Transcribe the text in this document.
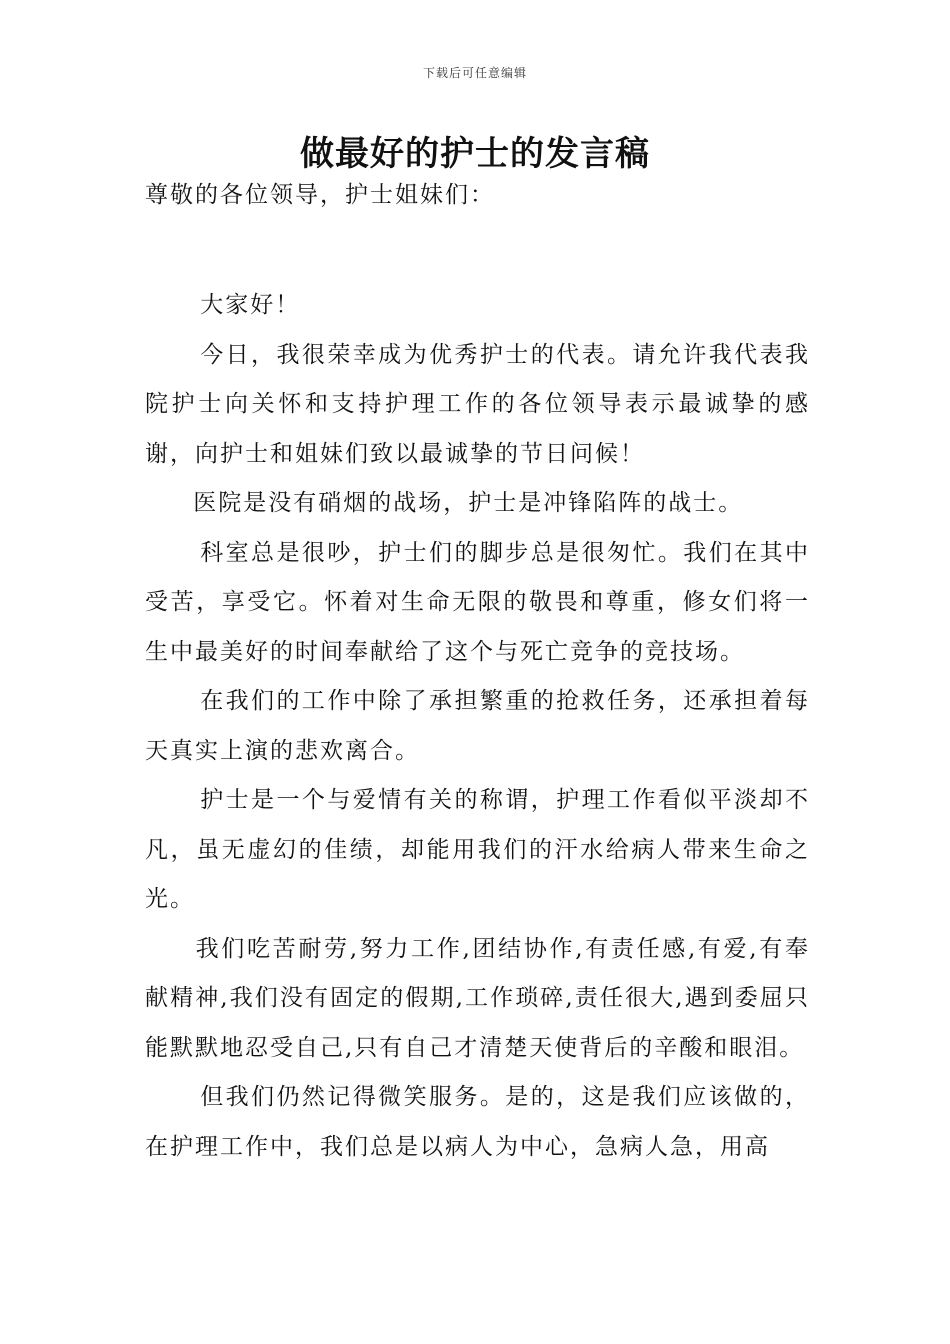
下载后可任意编辑
做最好的护士的发言稿
尊敬的各位领导，护士姐妹们：

大家好！

今日，我很荣幸成为优秀护士的代表。请允许我代表我院护士向关怀和支持护理工作的各位领导表示最诚挚的感谢，向护士和姐妹们致以最诚挚的节日问候！

医院是没有硝烟的战场，护士是冲锋陷阵的战士。

科室总是很吵，护士们的脚步总是很匆忙。我们在其中受苦，享受它。怀着对生命无限的敬畏和尊重，修女们将一生中最美好的时间奉献给了这个与死亡竞争的竞技场。

在我们的工作中除了承担繁重的抢救任务，还承担着每天真实上演的悲欢离合。

护士是一个与爱情有关的称谓，护理工作看似平淡却不凡，虽无虚幻的佳绩，却能用我们的汗水给病人带来生命之光。

我们吃苦耐劳,努力工作,团结协作,有责任感,有爱,有奉献精神,我们没有固定的假期,工作琐碎,责任很大,遇到委屈只能默默地忍受自己,只有自己才清楚天使背后的辛酸和眼泪。

但我们仍然记得微笑服务。是的，这是我们应该做的，在护理工作中，我们总是以病人为中心，急病人急，用高
